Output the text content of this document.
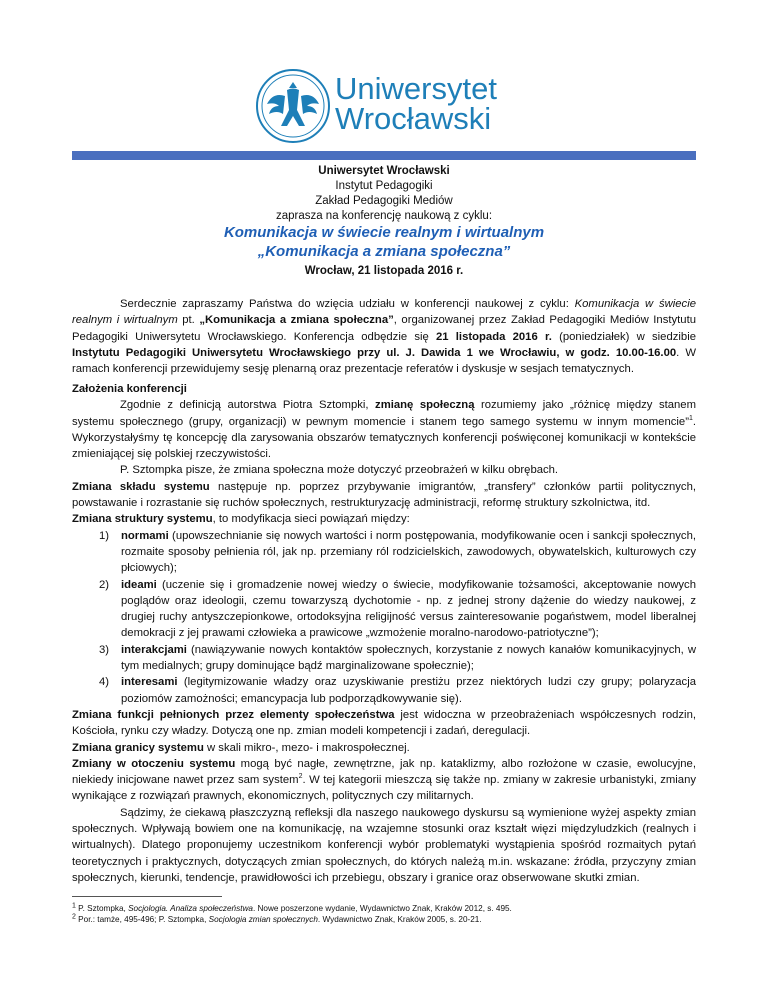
Uniwersytet
Wrocławski
Uniwersytet Wrocławski
Instytut Pedagogiki
Zakład Pedagogiki Mediów
zaprasza na konferencję naukową z cyklu:
Komunikacja w świecie realnym i wirtualnym
„Komunikacja a zmiana społeczna”
Wrocław, 21 listopada 2016 r.

Serdecznie zapraszamy Państwa do wzięcia udziału w konferencji naukowej z cyklu: Komunikacja w świecie realnym i wirtualnym pt. „Komunikacja a zmiana społeczna”, organizowanej przez Zakład Pedagogiki Mediów Instytutu Pedagogiki Uniwersytetu Wrocławskiego. Konferencja odbędzie się 21 listopada 2016 r. (poniedziałek) w siedzibie Instytutu Pedagogiki Uniwersytetu Wrocławskiego przy ul. J. Dawida 1 we Wrocławiu, w godz. 10.00-16.00. W ramach konferencji przewidujemy sesję plenarną oraz prezentacje referatów i dyskusje w sesjach tematycznych.

Założenia konferencji

Zgodnie z definicją autorstwa Piotra Sztompki, zmianę społeczną rozumiemy jako „różnicę między stanem systemu społecznego (grupy, organizacji) w pewnym momencie i stanem tego samego systemu w innym momencie”$^1$. Wykorzystałyśmy tę koncepcję dla zarysowania obszarów tematycznych konferencji poświęconej komunikacji w kontekście zmieniającej się polskiej rzeczywistości.

P. Sztompka pisze, że zmiana społeczna może dotyczyć przeobrażeń w kilku obrębach.

Zmiana składu systemu następuje np. poprzez przybywanie imigrantów, „transfery” członków partii politycznych, powstawanie i rozrastanie się ruchów społecznych, restrukturyzację administracji, reformę struktury szkolnictwa, itd.

Zmiana struktury systemu, to modyfikacja sieci powiązań między:

1) normami (upowszechnianie się nowych wartości i norm postępowania, modyfikowanie ocen i sankcji społecznych, rozmaite sposoby pełnienia ról, jak np. przemiany ról rodzicielskich, zawodowych, obywatelskich, kulturowych czy płciowych);
2) ideami (uczenie się i gromadzenie nowej wiedzy o świecie, modyfikowanie tożsamości, akceptowanie nowych poglądów oraz ideologii, czemu towarzyszą dychotomie - np. z jednej strony dążenie do wiedzy naukowej, z drugiej ruchy antyszczepionkowe, ortodoksyjna religijność versus zainteresowanie pogaństwem, model liberalnej demokracji z jej prawami człowieka a prawicowe „wzmożenie moralno-narodowo-patriotyczne”);
3) interakcjami (nawiązywanie nowych kontaktów społecznych, korzystanie z nowych kanałów komunikacyjnych, w tym medialnych; grupy dominujące bądź marginalizowane społecznie);
4) interesami (legitymizowanie władzy oraz uzyskiwanie prestiżu przez niektórych ludzi czy grupy; polaryzacja poziomów zamożności; emancypacja lub podporządkowywanie się).

Zmiana funkcji pełnionych przez elementy społeczeństwa jest widoczna w przeobrażeniach współczesnych rodzin, Kościoła, rynku czy władzy. Dotyczą one np. zmian modeli kompetencji i zadań, deregulacji.

Zmiana granicy systemu w skali mikro-, mezo- i makrospołecznej.

Zmiany w otoczeniu systemu mogą być nagłe, zewnętrzne, jak np. kataklizmy, albo rozłożone w czasie, ewolucyjne, niekiedy inicjowane nawet przez sam system$^2$. W tej kategorii mieszczą się także np. zmiany w zakresie urbanistyki, zmiany wynikające z rozwiązań prawnych, ekonomicznych, politycznych czy militarnych.

Sądzimy, że ciekawą płaszczyzną refleksji dla naszego naukowego dyskursu są wymienione wyżej aspekty zmian społecznych. Wpływają bowiem one na komunikację, na wzajemne stosunki oraz kształt więzi międzyludzkich (realnych i wirtualnych). Dlatego proponujemy uczestnikom konferencji wybór problematyki wystąpienia spośród rozmaitych pytań teoretycznych i praktycznych, dotyczących zmian społecznych, do których należą m.in. wskazane: źródła, przyczyny zmian społecznych, kierunki, tendencje, prawidłowości ich przebiegu, obszary i granice oraz obserwowane skutki zmian.

$^1$ P. Sztompka, Socjologia. Analiza społeczeństwa. Nowe poszerzone wydanie, Wydawnictwo Znak, Kraków 2012, s. 495.
$^2$ Por.: tamże, 495-496; P. Sztompka, Socjologia zmian społecznych. Wydawnictwo Znak, Kraków 2005, s. 20-21.
